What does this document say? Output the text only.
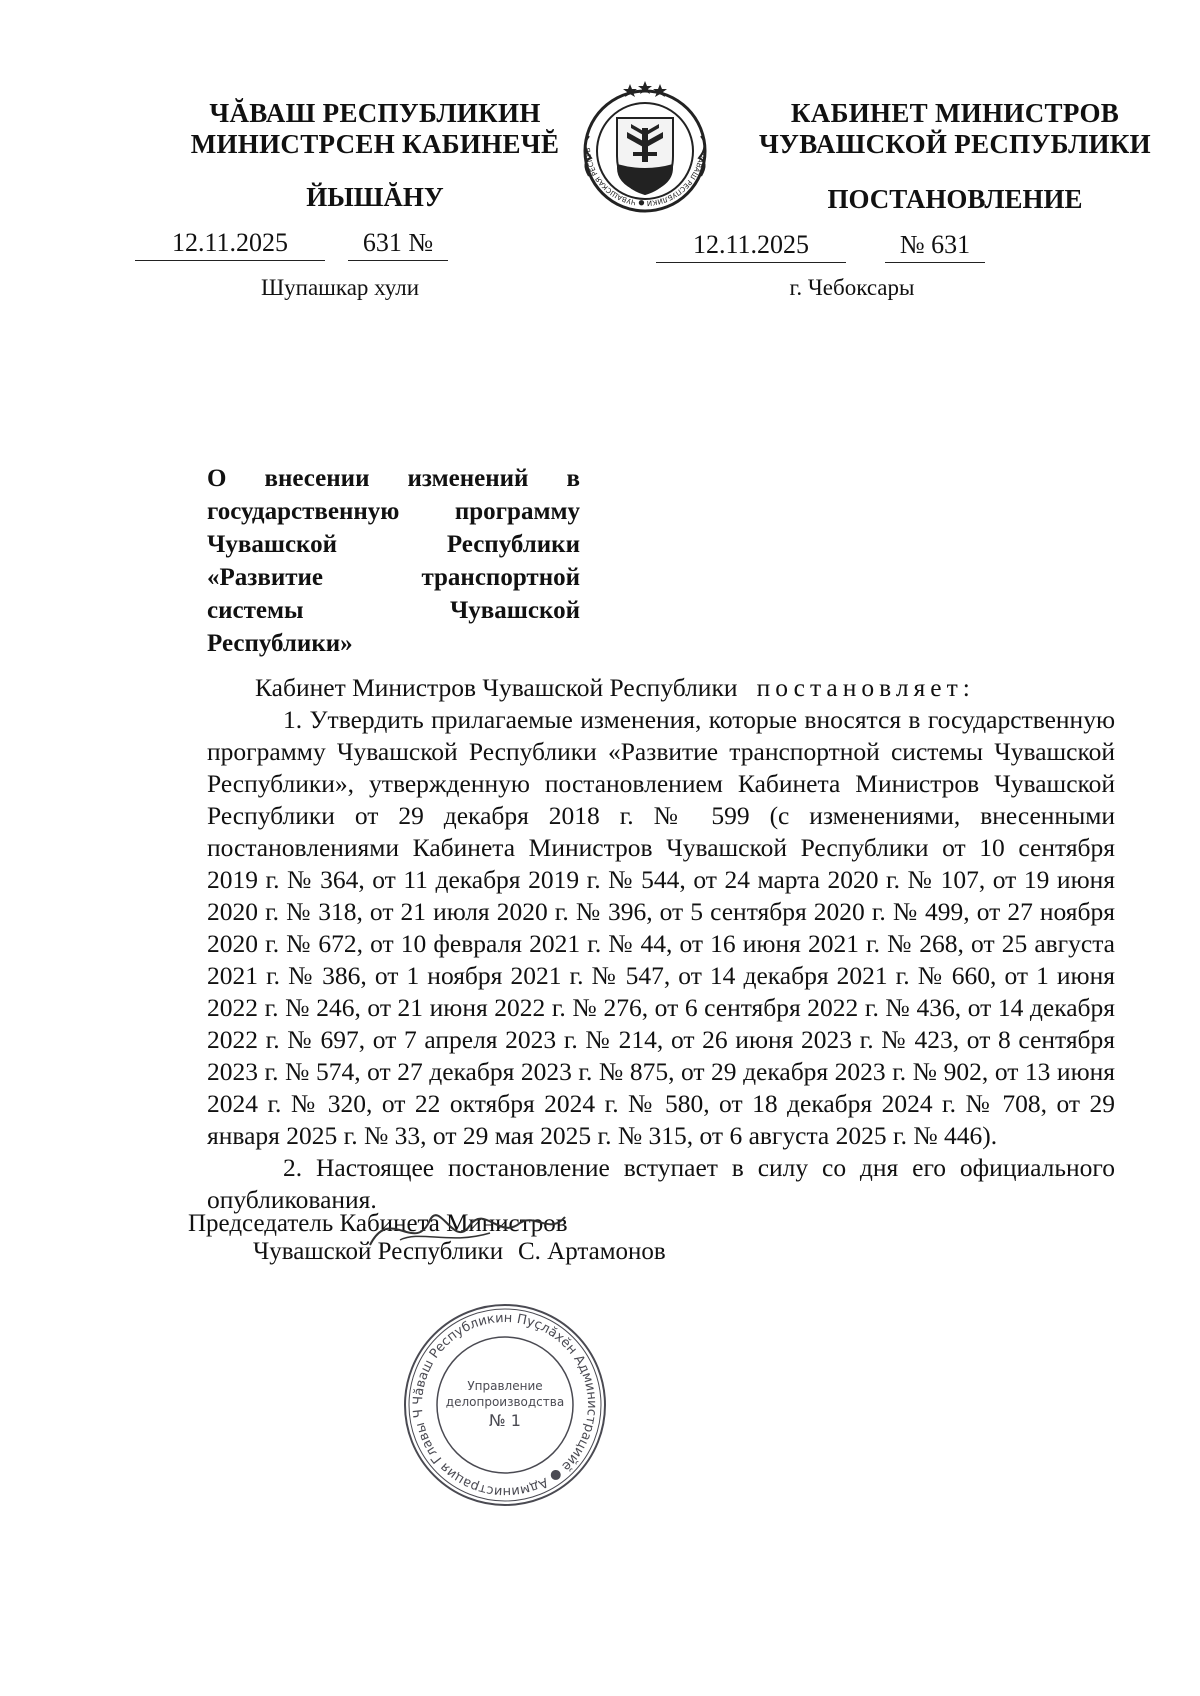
ЧĂВАШ РЕСПУБЛИКИН
МИНИСТРСЕН КАБИНЕЧĔ
ЙЫШĂНУ
ЧĂВАШ РЕСПУБЛИКИ ● ЧУВАШСКАЯ РЕСПУБ
КАБИНЕТ МИНИСТРОВ
ЧУВАШСКОЙ РЕСПУБЛИКИ
ПОСТАНОВЛЕНИЕ
12.11.2025	631 №	12.11.2025	№ 631
Шупашкар хули	г. Чебоксары
О внесении изменений в государственную программу Чувашской Республики «Развитие транспортной системы Чувашской Республики»

Кабинет Министров Чувашской Республики постановляет:

1. Утвердить прилагаемые изменения, которые вносятся в государственную программу Чувашской Республики «Развитие транспортной системы Чувашской Республики», утвержденную постановлением Кабинета Министров Чувашской Республики от 29 декабря 2018 г. № 599 (с изменениями, внесенными постановлениями Кабинета Министров Чувашской Республики от 10 сентября 2019 г. № 364, от 11 декабря 2019 г. № 544, от 24 марта 2020 г. № 107, от 19 июня 2020 г. № 318, от 21 июля 2020 г. № 396, от 5 сентября 2020 г. № 499, от 27 ноября 2020 г. № 672, от 10 февраля 2021 г. № 44, от 16 июня 2021 г. № 268, от 25 августа 2021 г. № 386, от 1 ноября 2021 г. № 547, от 14 декабря 2021 г. № 660, от 1 июня 2022 г. № 246, от 21 июня 2022 г. № 276, от 6 сентября 2022 г. № 436, от 14 декабря 2022 г. № 697, от 7 апреля 2023 г. № 214, от 26 июня 2023 г. № 423, от 8 сентября 2023 г. № 574, от 27 декабря 2023 г. № 875, от 29 декабря 2023 г. № 902, от 13 июня 2024 г. № 320, от 22 октября 2024 г. № 580, от 18 декабря 2024 г. № 708, от 29 января 2025 г. № 33, от 29 мая 2025 г. № 315, от 6 августа 2025 г. № 446).

2. Настоящее постановление вступает в силу со дня его официального опубликования.

Председатель Кабинета Министров
Чувашской Республики С. Артамонов
Чăваш Республикин Пуçлăхĕн Администрацийĕ ● Администрация Главы Ч
Управление
делопроизводства
№ 1
